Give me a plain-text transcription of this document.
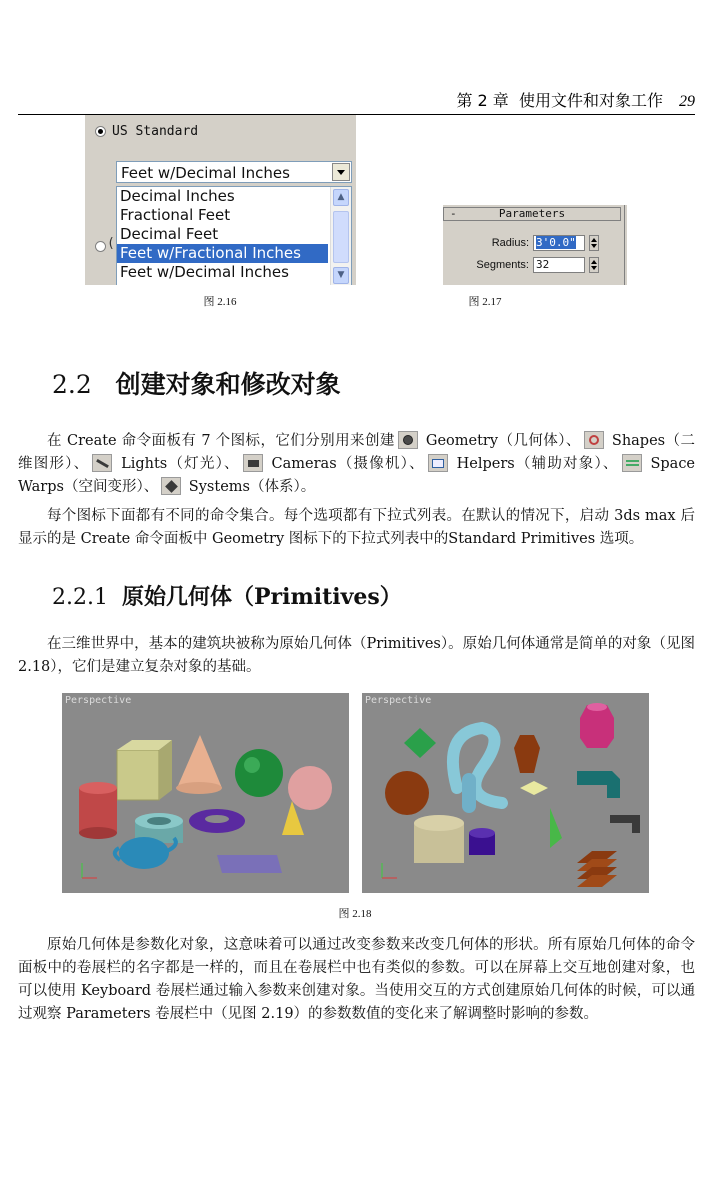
第 2 章 使用文件和对象工作 29
US Standard
Feet w/Decimal Inches
(
Decimal Inches
Fractional Feet
Decimal Feet
Feet w/Fractional Inches
Feet w/Decimal Inches
▲
▼
图 2.16
-	Parameters
Radius: 3'0.0"
Segments: 32
图 2.17
2.2 创建对象和修改对象
在 Create 命令面板有 7 个图标，它们分别用来创建 Geometry（几何体）、 Shapes（二维图形）、 Lights（灯光）、 Cameras（摄像机）、 Helpers（辅助对象）、 Space Warps（空间变形）、 Systems（体系）。
每个图标下面都有不同的命令集合。每个选项都有下拉式列表。在默认的情况下，启动 3ds max 后显示的是 Create 命令面板中 Geometry 图标下的下拉式列表中的Standard Primitives 选项。
2.2.1 原始几何体（Primitives）
在三维世界中，基本的建筑块被称为原始几何体（Primitives）。原始几何体通常是简单的对象（见图 2.18），它们是建立复杂对象的基础。
Perspective	Perspective
图 2.18
原始几何体是参数化对象，这意味着可以通过改变参数来改变几何体的形状。所有原始几何体的命令面板中的卷展栏的名字都是一样的，而且在卷展栏中也有类似的参数。可以在屏幕上交互地创建对象，也可以使用 Keyboard 卷展栏通过输入参数来创建对象。当使用交互的方式创建原始几何体的时候，可以通过观察 Parameters 卷展栏中（见图 2.19）的参数数值的变化来了解调整时影响的参数。
